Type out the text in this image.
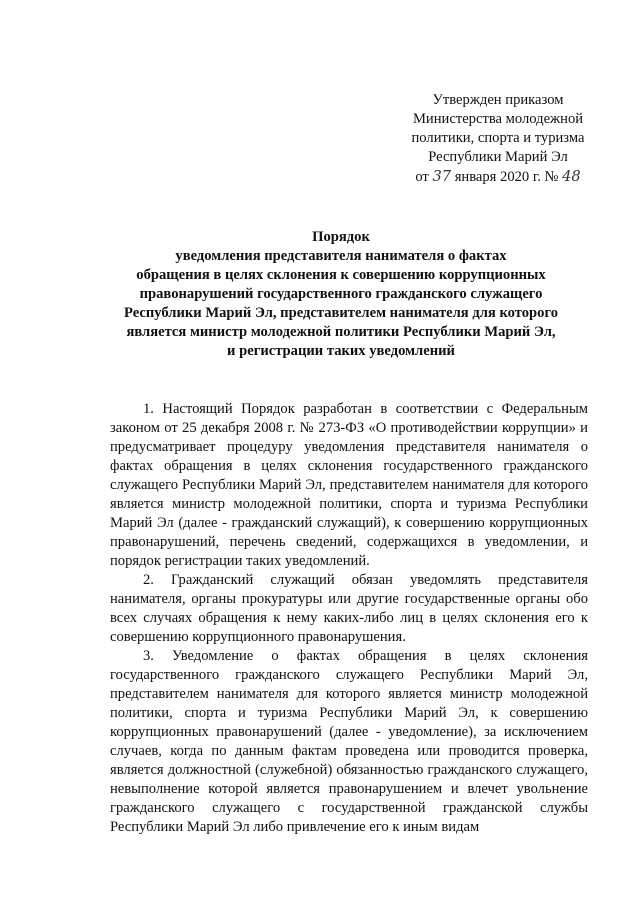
Утвержден приказом
Министерства молодежной
политики, спорта и туризма
Республики Марий Эл
от 37 января 2020 г. № 48
Порядок
уведомления представителя нанимателя о фактах
обращения в целях склонения к совершению коррупционных
правонарушений государственного гражданского служащего
Республики Марий Эл, представителем нанимателя для которого
является министр молодежной политики Республики Марий Эл,
и регистрации таких уведомлений

1. Настоящий Порядок разработан в соответствии с Федеральным законом от 25 декабря 2008 г. № 273-ФЗ «О противодействии коррупции» и предусматривает процедуру уведомления представителя нанимателя о фактах обращения в целях склонения государственного гражданского служащего Республики Марий Эл, представителем нанимателя для которого является министр молодежной политики, спорта и туризма Республики Марий Эл (далее - гражданский служащий), к совершению коррупционных правонарушений, перечень сведений, содержащихся в уведомлении, и порядок регистрации таких уведомлений.

2. Гражданский служащий обязан уведомлять представителя нанимателя, органы прокуратуры или другие государственные органы обо всех случаях обращения к нему каких-либо лиц в целях склонения его к совершению коррупционного правонарушения.

3. Уведомление о фактах обращения в целях склонения государственного гражданского служащего Республики Марий Эл, представителем нанимателя для которого является министр молодежной политики, спорта и туризма Республики Марий Эл, к совершению коррупционных правонарушений (далее - уведомление), за исключением случаев, когда по данным фактам проведена или проводится проверка, является должностной (служебной) обязанностью гражданского служащего, невыполнение которой является правонарушением и влечет увольнение гражданского служащего с государственной гражданской службы Республики Марий Эл либо привлечение его к иным видам
